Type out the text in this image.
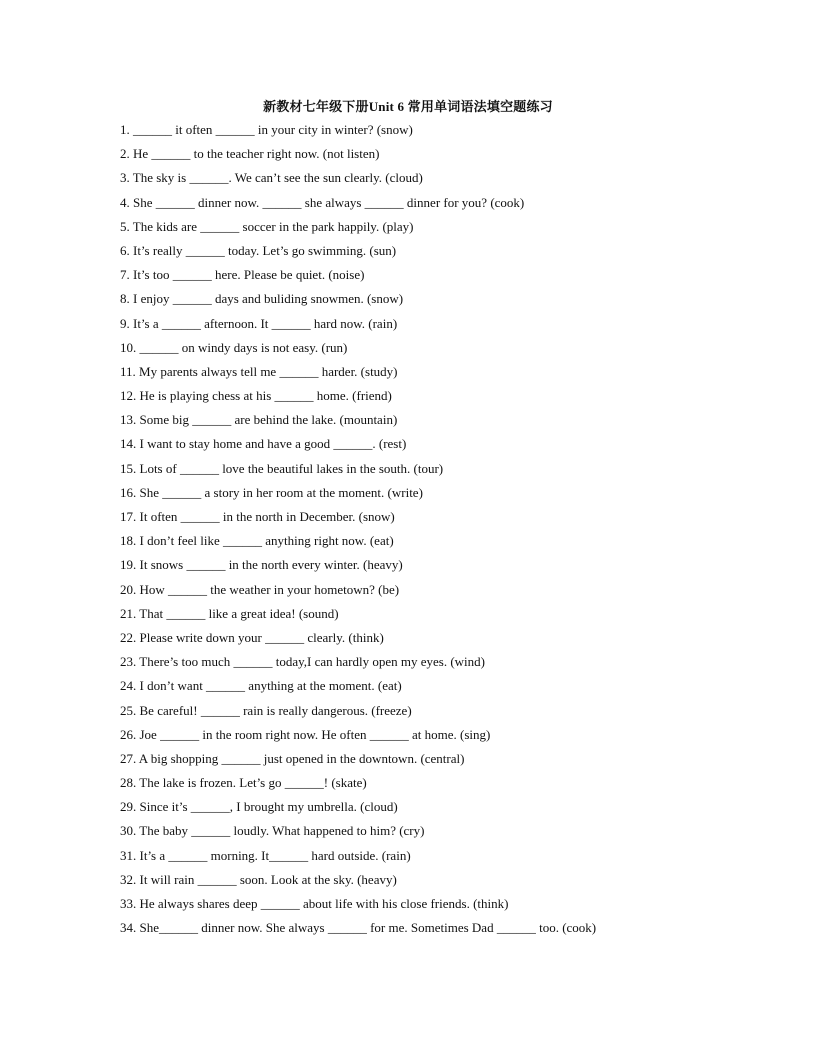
新教材七年级下册Unit 6 常用单词语法填空题练习
1. ______ it often ______ in your city in winter? (snow)
2. He ______ to the teacher right now. (not listen)
3. The sky is ______. We can’t see the sun clearly. (cloud)
4. She ______ dinner now. ______ she always ______ dinner for you? (cook)
5. The kids are ______ soccer in the park happily. (play)
6. It’s really ______ today. Let’s go swimming. (sun)
7. It’s too ______ here. Please be quiet. (noise)
8. I enjoy ______ days and buliding snowmen. (snow)
9. It’s a ______ afternoon. It ______ hard now. (rain)
10. ______ on windy days is not easy. (run)
11. My parents always tell me ______ harder. (study)
12. He is playing chess at his ______ home. (friend)
13. Some big ______ are behind the lake. (mountain)
14. I want to stay home and have a good ______. (rest)
15. Lots of ______ love the beautiful lakes in the south. (tour)
16. She ______ a story in her room at the moment. (write)
17. It often ______ in the north in December. (snow)
18. I don’t feel like ______ anything right now. (eat)
19. It snows ______ in the north every winter. (heavy)
20. How ______ the weather in your hometown? (be)
21. That ______ like a great idea! (sound)
22. Please write down your ______ clearly. (think)
23. There’s too much ______ today,I can hardly open my eyes. (wind)
24. I don’t want ______ anything at the moment. (eat)
25. Be careful! ______ rain is really dangerous. (freeze)
26. Joe ______ in the room right now. He often ______ at home. (sing)
27. A big shopping ______ just opened in the downtown. (central)
28. The lake is frozen. Let’s go ______! (skate)
29. Since it’s ______, I brought my umbrella. (cloud)
30. The baby ______ loudly. What happened to him? (cry)
31. It’s a ______ morning. It______ hard outside. (rain)
32. It will rain ______ soon. Look at the sky. (heavy)
33. He always shares deep ______ about life with his close friends. (think)
34. She______ dinner now. She always ______ for me. Sometimes Dad ______ too. (cook)
